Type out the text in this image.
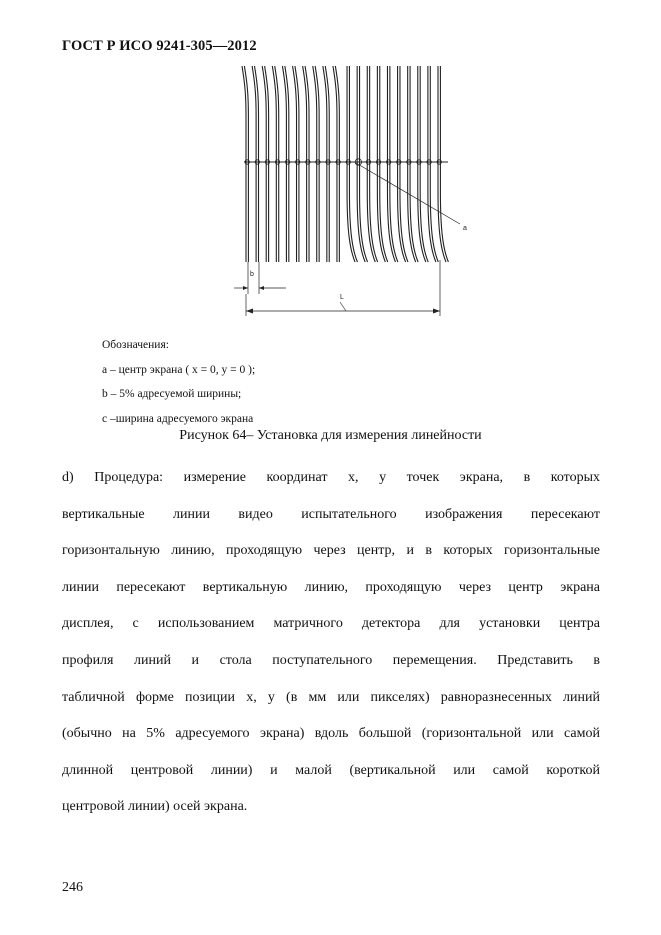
ГОСТ Р ИСО 9241-305—2012
a
b
L
Обозначения:
a – центр экрана ( x = 0, y = 0 );
b – 5% адресуемой ширины;
c –ширина адресуемого экрана
Рисунок 64– Установка для измерения линейности
d) Процедура: измерение координат x, y точек экрана, в которых
вертикальные линии видео испытательного изображения пересекают
горизонтальную линию, проходящую через центр, и в которых горизонтальные
линии пересекают вертикальную линию, проходящую через центр экрана
дисплея, с использованием матричного детектора для установки центра
профиля линий и стола поступательного перемещения. Представить в
табличной форме позиции x, y (в мм или пикселях) равноразнесенных линий
(обычно на 5% адресуемого экрана) вдоль большой (горизонтальной или самой
длинной центровой линии) и малой (вертикальной или самой короткой
центровой линии) осей экрана.
246
